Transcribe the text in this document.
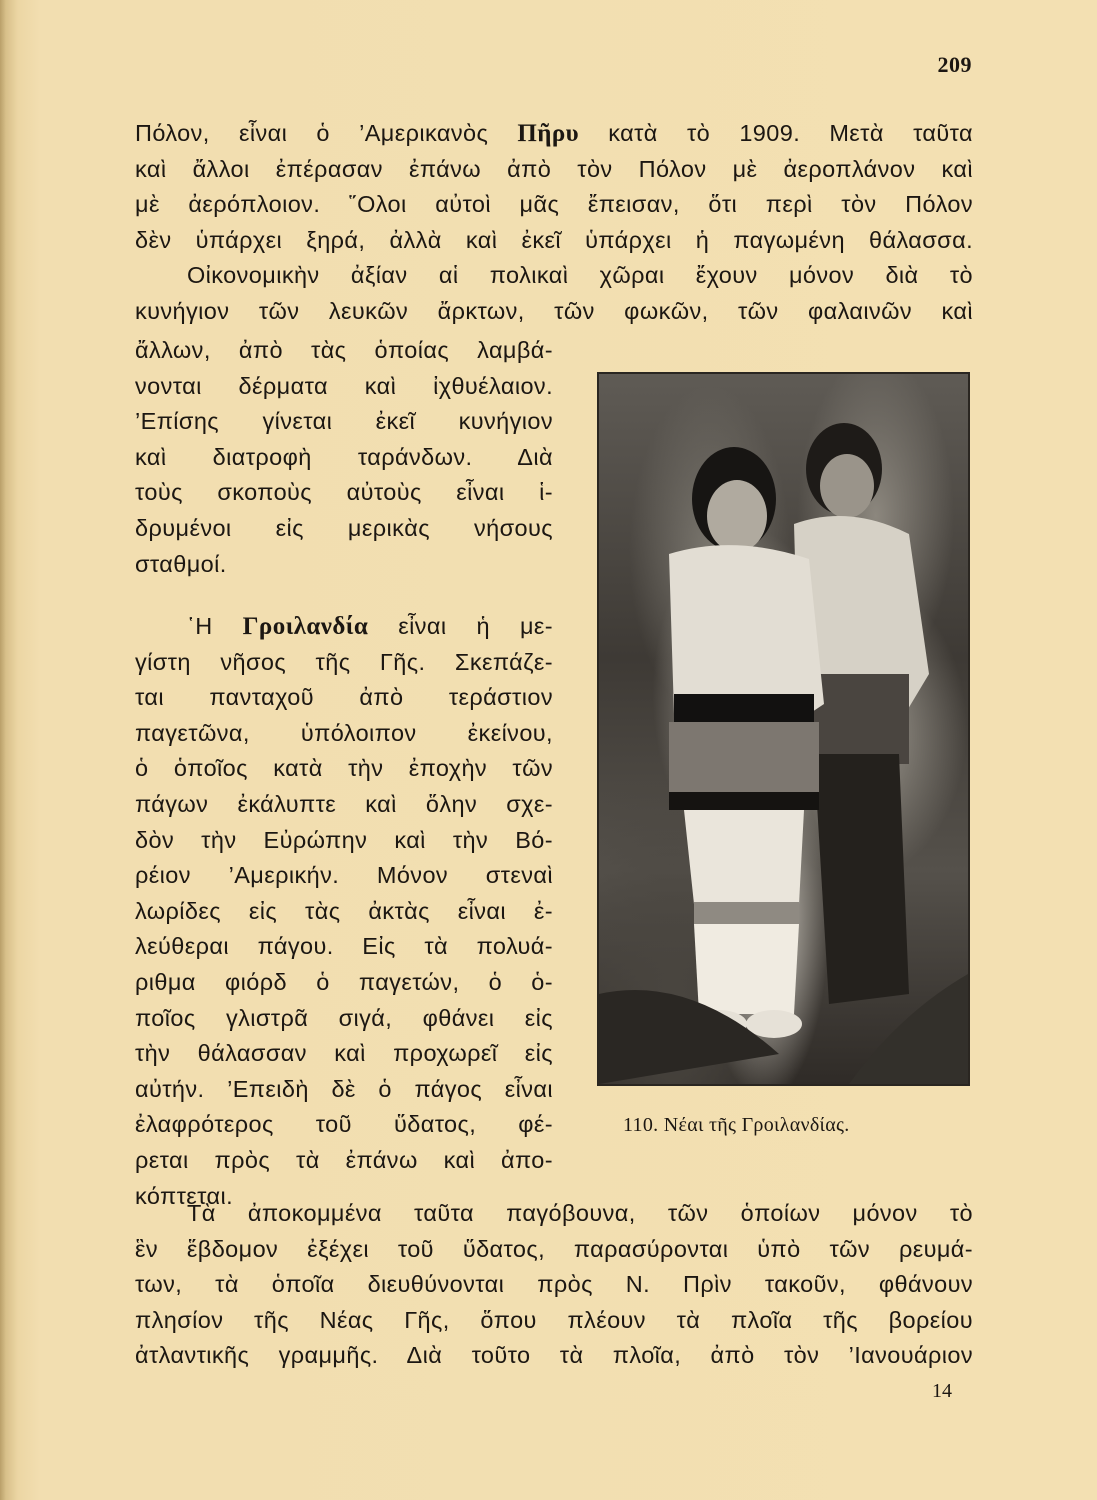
209
Πόλον, εἶναι ὁ ’Αμερικανὸς Πῆρυ κατὰ τὸ 1909. Μετὰ ταῦτα
καὶ ἄλλοι ἐπέρασαν ἐπάνω ἀπὸ τὸν Πόλον μὲ ἀεροπλάνον καὶ
μὲ ἀερόπλοιον. ῞Ολοι αὐτοὶ μᾶς ἔπεισαν, ὅτι περὶ τὸν Πόλον
δὲν ὑπάρχει ξηρά, ἀλλὰ καὶ ἐκεῖ ὑπάρχει ἡ παγωμένη θάλασσα.
Οἰκονομικὴν ἀξίαν αἱ πολικαὶ χῶραι ἔχουν μόνον διὰ τὸ
κυνήγιον τῶν λευκῶν ἄρκτων, τῶν φωκῶν, τῶν φαλαινῶν καὶ
ἄλλων, ἀπὸ τὰς ὁποίας λαμβά-
νονται δέρματα καὶ ἰχθυέλαιον.
’Επίσης γίνεται ἐκεῖ κυνήγιον
καὶ διατροφὴ ταράνδων. Διὰ
τοὺς σκοποὺς αὐτοὺς εἶναι ἱ-
δρυμένοι εἰς μερικὰς νήσους
σταθμοί.
῾Η Γροιλανδία εἶναι ἡ με-
γίστη νῆσος τῆς Γῆς. Σκεπάζε-
ται πανταχοῦ ἀπὸ τεράστιον
παγετῶνα, ὑπόλοιπον ἐκείνου,
ὁ ὁποῖος κατὰ τὴν ἐποχὴν τῶν
πάγων ἐκάλυπτε καὶ ὅλην σχε-
δὸν τὴν Εὐρώπην καὶ τὴν Βό-
ρέιον ’Αμερικήν. Μόνον στεναὶ
λωρίδες εἰς τὰς ἀκτὰς εἶναι ἐ-
λεύθεραι πάγου. Εἰς τὰ πολυά-
ριθμα φιόρδ ὁ παγετών, ὁ ὁ-
ποῖος γλιστρᾶ σιγά, φθάνει εἰς
τὴν θάλασσαν καὶ προχωρεῖ εἰς
αὐτήν. ’Επειδὴ δὲ ὁ πάγος εἶναι
ἐλαφρότερος τοῦ ὕδατος, φέ-
ρεται πρὸς τὰ ἐπάνω καὶ ἀπο-
κόπτεται.
110. Νέαι τῆς Γροιλανδίας.
Τὰ ἀποκομμένα ταῦτα παγόβουνα, τῶν ὁποίων μόνον τὸ
ἓν ἕβδομον ἐξέχει τοῦ ὕδατος, παρασύρονται ὑπὸ τῶν ρευμά-
των, τὰ ὁποῖα διευθύνονται πρὸς Ν. Πρὶν τακοῦν, φθάνουν
πλησίον τῆς Νέας Γῆς, ὅπου πλέουν τὰ πλοῖα τῆς βορείου
ἀτλαντικῆς γραμμῆς. Διὰ τοῦτο τὰ πλοῖα, ἀπὸ τὸν ’Ιανουάριον
14
